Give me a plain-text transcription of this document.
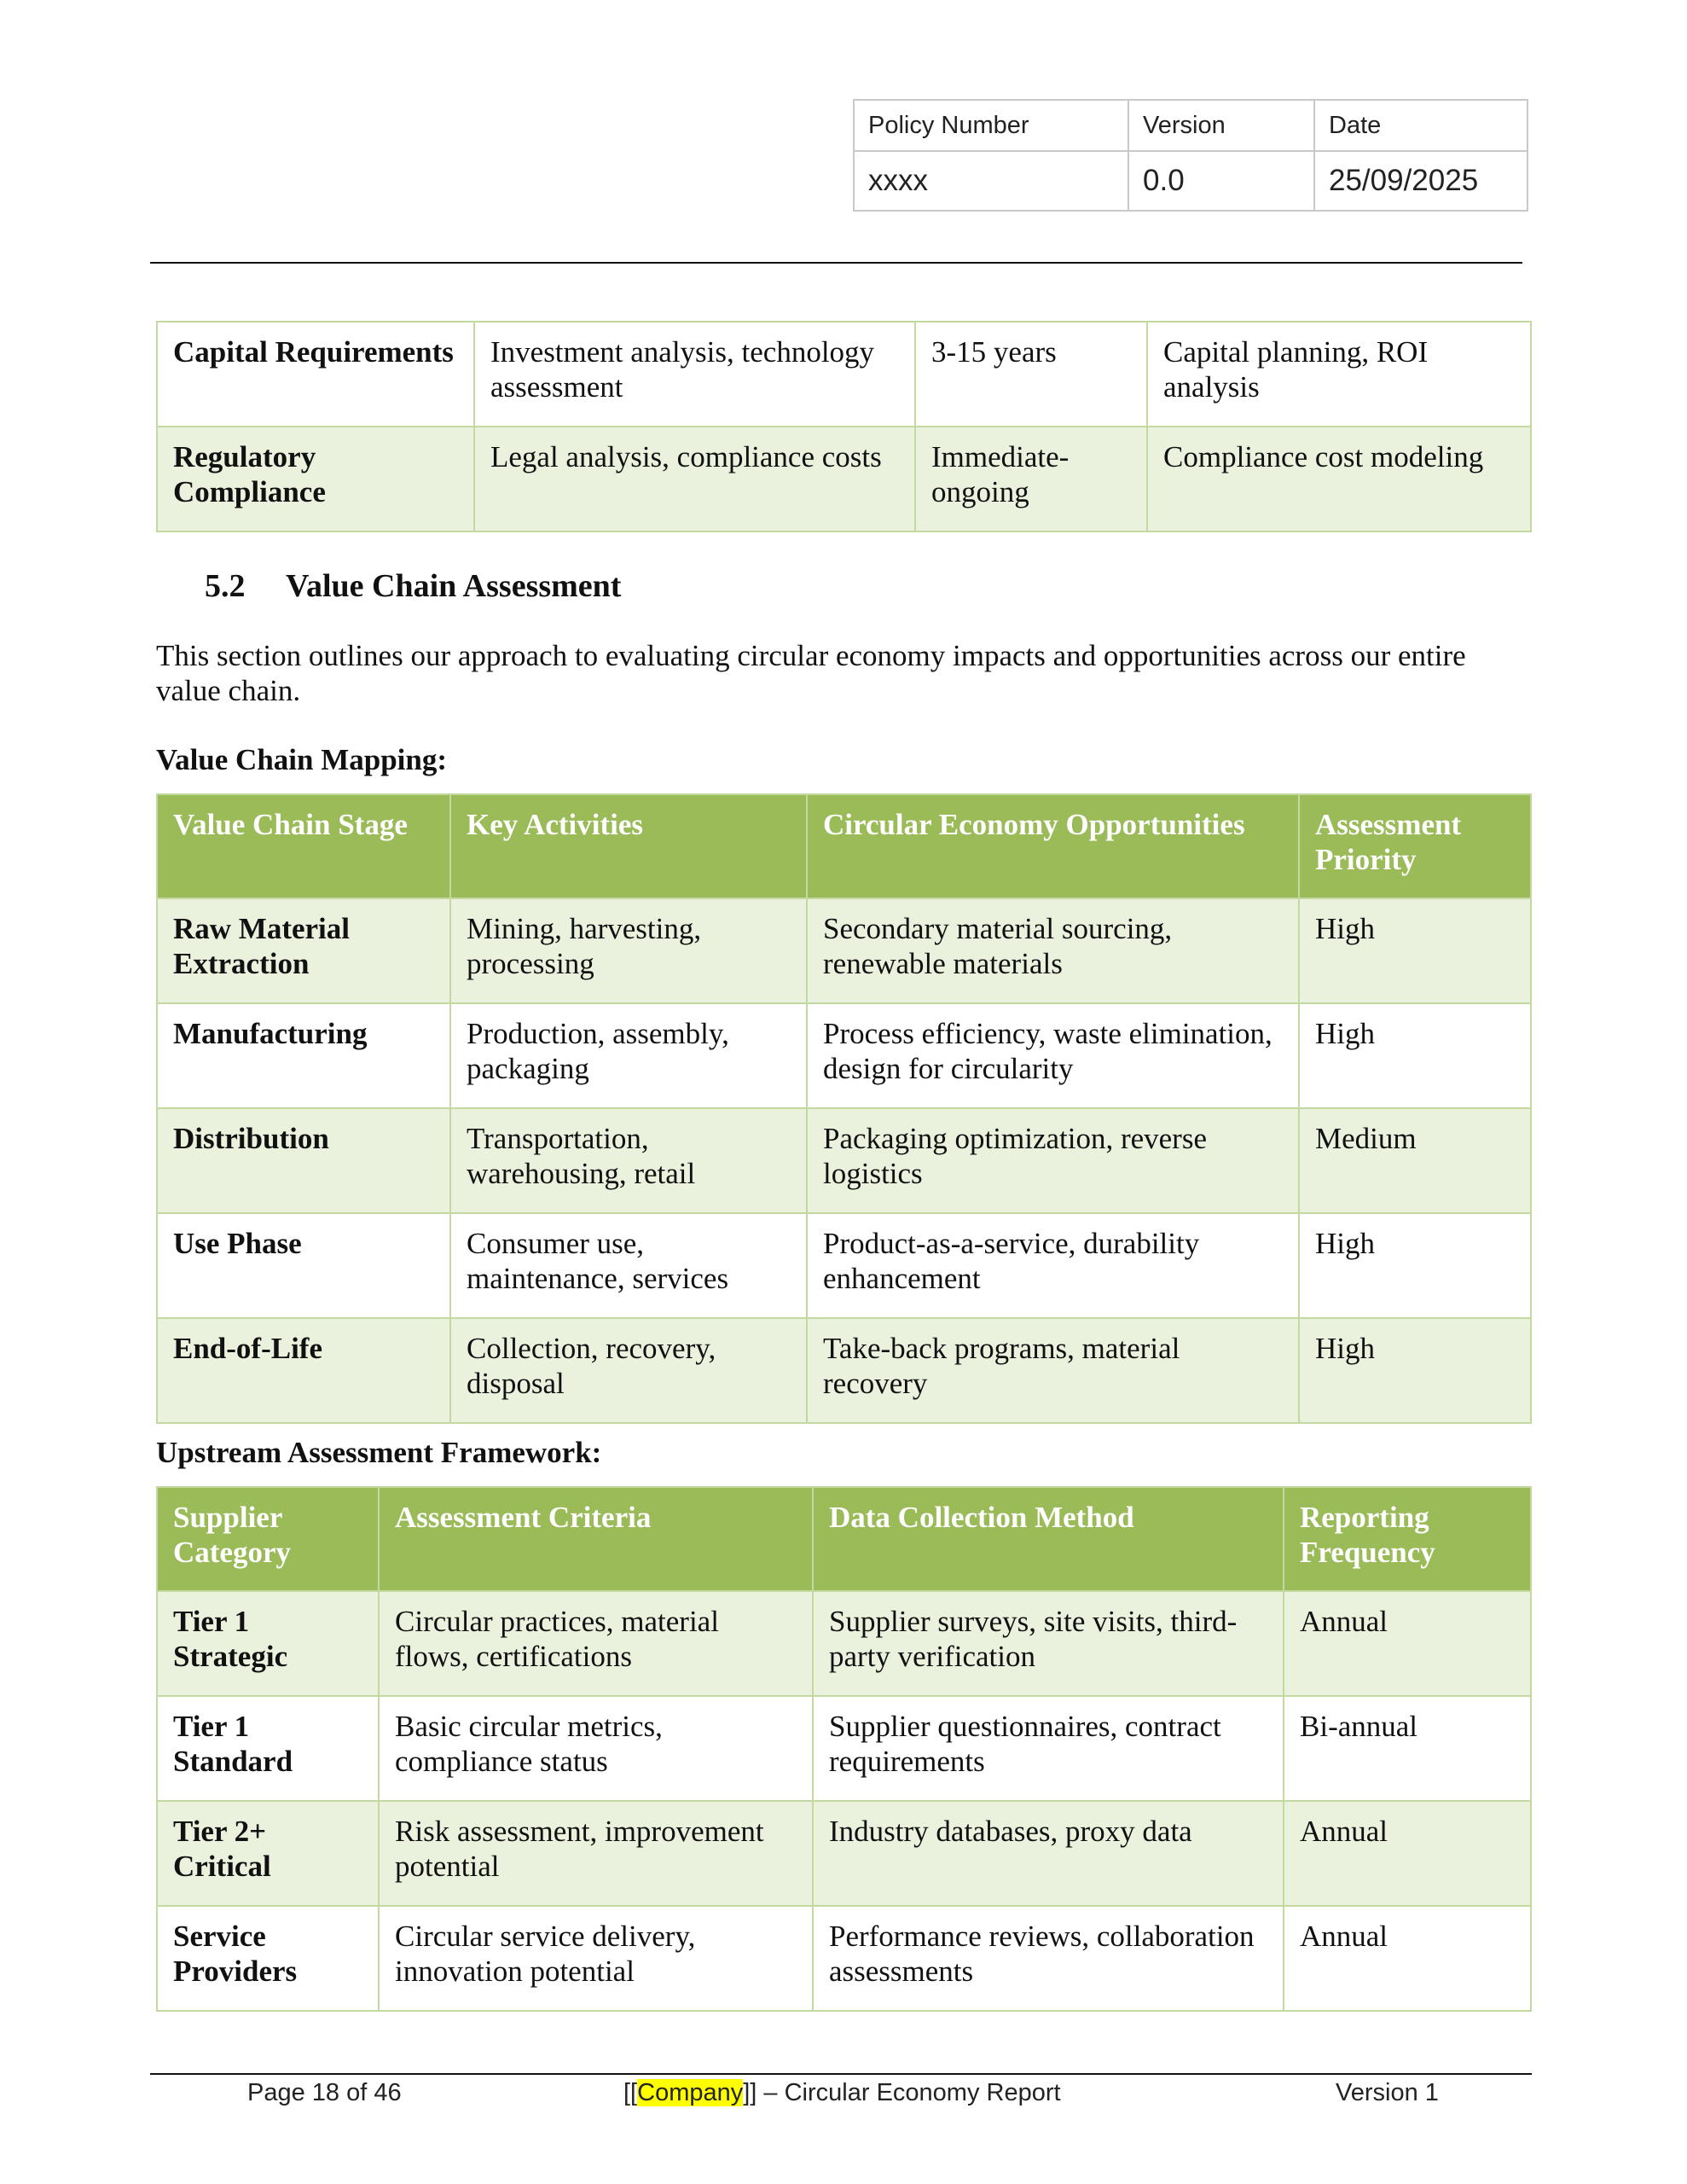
Policy Number	Version	Date
xxxx	0.0	25/09/2025
Capital Requirements	Investment analysis, technology assessment	3-15 years	Capital planning, ROI analysis
Regulatory Compliance	Legal analysis, compliance costs	Immediate-ongoing	Compliance cost modeling
5.2 Value Chain Assessment
This section outlines our approach to evaluating circular economy impacts and opportunities across our entire value chain.
Value Chain Mapping:
Value Chain Stage	Key Activities	Circular Economy Opportunities	Assessment Priority
Raw Material Extraction	Mining, harvesting, processing	Secondary material sourcing, renewable materials	High
Manufacturing	Production, assembly, packaging	Process efficiency, waste elimination, design for circularity	High
Distribution	Transportation, warehousing, retail	Packaging optimization, reverse logistics	Medium
Use Phase	Consumer use, maintenance, services	Product-as-a-service, durability enhancement	High
End-of-Life	Collection, recovery, disposal	Take-back programs, material recovery	High
Upstream Assessment Framework:
Supplier Category	Assessment Criteria	Data Collection Method	Reporting Frequency
Tier 1 Strategic	Circular practices, material flows, certifications	Supplier surveys, site visits, third-party verification	Annual
Tier 1 Standard	Basic circular metrics, compliance status	Supplier questionnaires, contract requirements	Bi-annual
Tier 2+ Critical	Risk assessment, improvement potential	Industry databases, proxy data	Annual
Service Providers	Circular service delivery, innovation potential	Performance reviews, collaboration assessments	Annual
Page 18 of 46	[[Company]] – Circular Economy Report	Version 1
